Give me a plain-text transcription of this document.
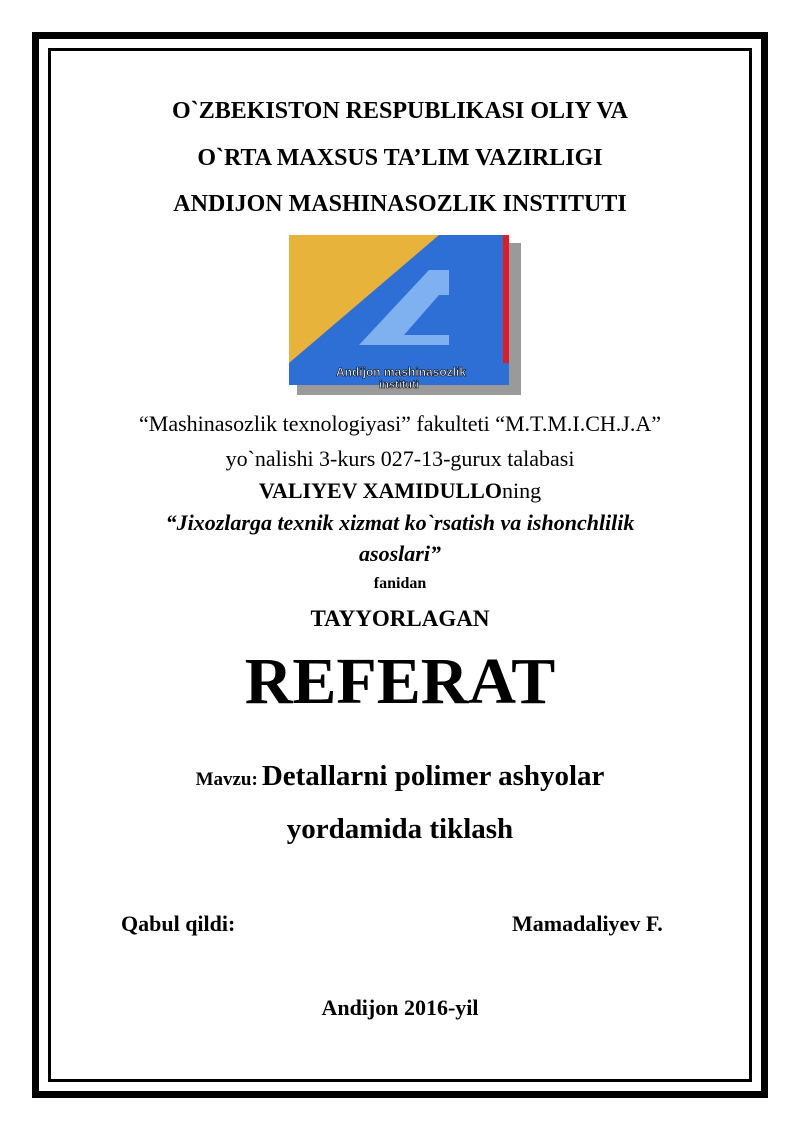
O`ZBEKISTON RESPUBLIKASI OLIY VA
O`RTA MAXSUS TA’LIM VAZIRLIGI
ANDIJON MASHINASOZLIK INSTITUTI
Andijon mashinasozlik
instituti
“Mashinasozlik texnologiyasi” fakulteti “M.T.M.I.CH.J.A”
yo`nalishi 3-kurs 027-13-gurux talabasi
VALIYEV XAMIDULLOning
“Jixozlarga texnik xizmat ko`rsatish va ishonchlilik
asoslari”
fanidan
TAYYORLAGAN
REFERAT
Mavzu: Detallarni polimer ashyolar
yordamida tiklash
Qabul qildi:	Mamadaliyev F.
Andijon 2016-yil
